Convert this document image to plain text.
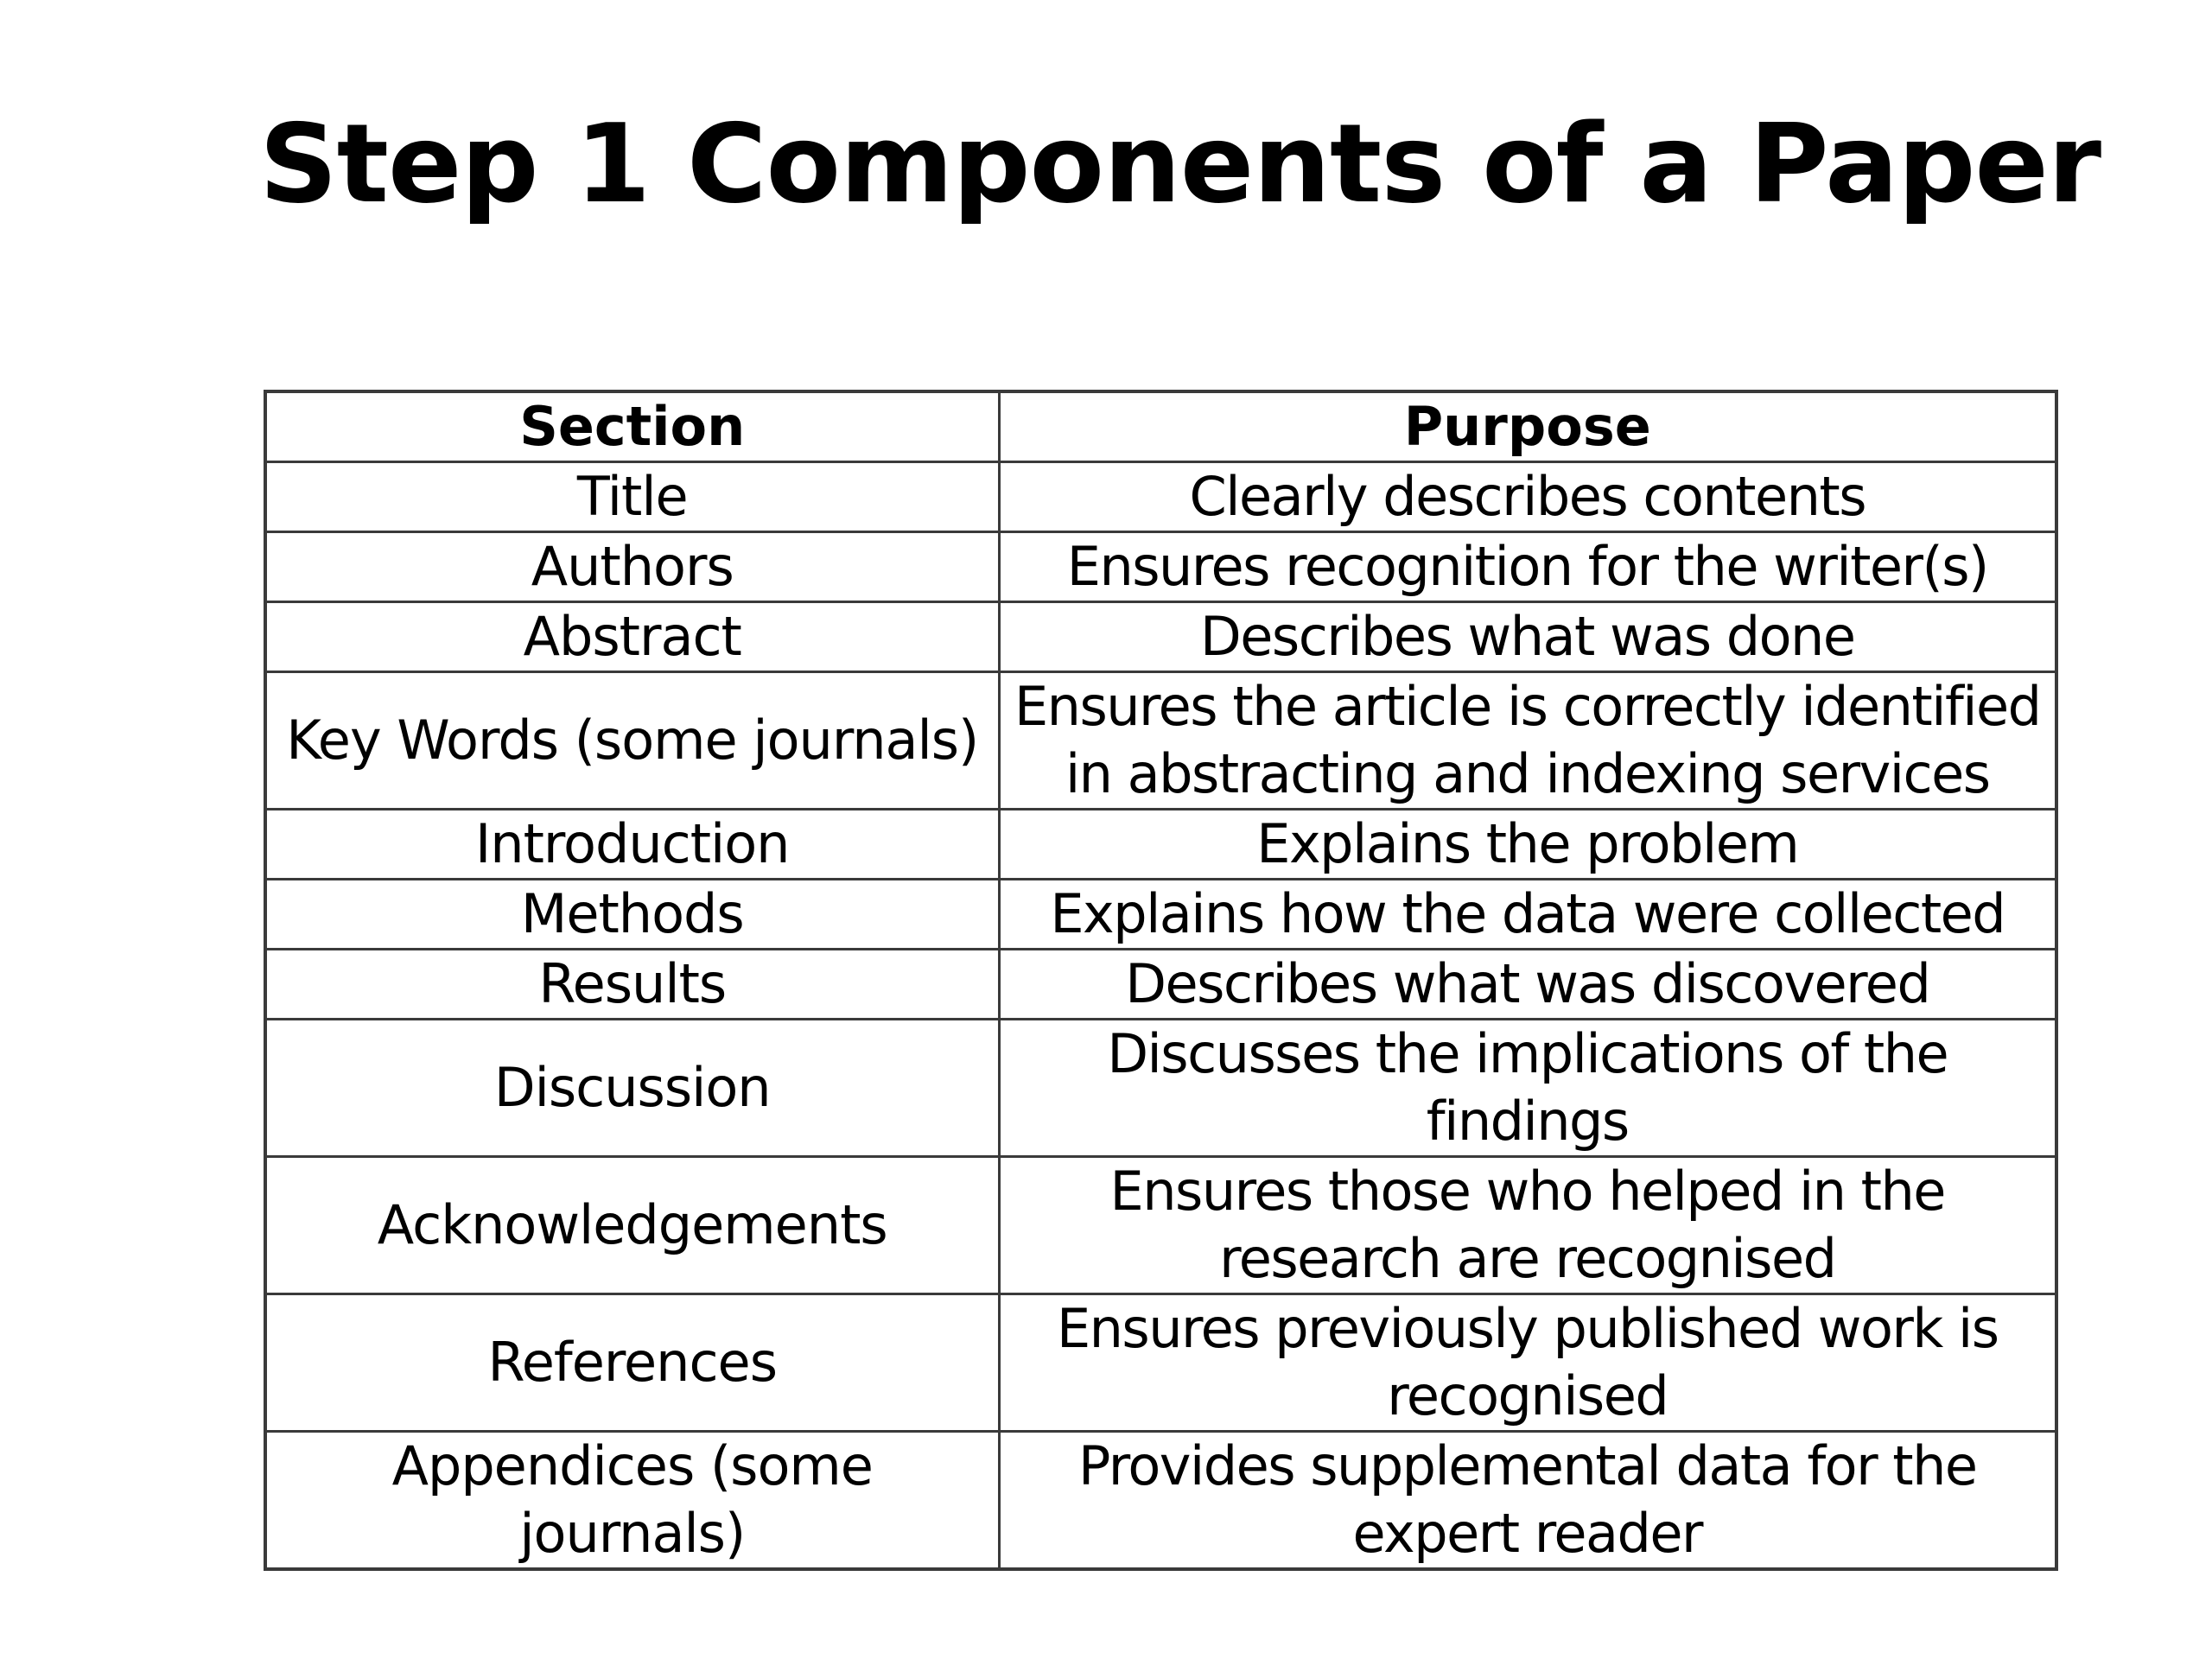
Step 1 Components of a Paper
Section	Purpose
Title	Clearly describes contents
Authors	Ensures recognition for the writer(s)
Abstract	Describes what was done
Key Words (some journals)	Ensures the article is correctly identified in abstracting and indexing services
Introduction	Explains the problem
Methods	Explains how the data were collected
Results	Describes what was discovered
Discussion	Discusses the implications of the findings
Acknowledgements	Ensures those who helped in the research are recognised
References	Ensures previously published work is recognised
Appendices (some journals)	Provides supplemental data for the expert reader
